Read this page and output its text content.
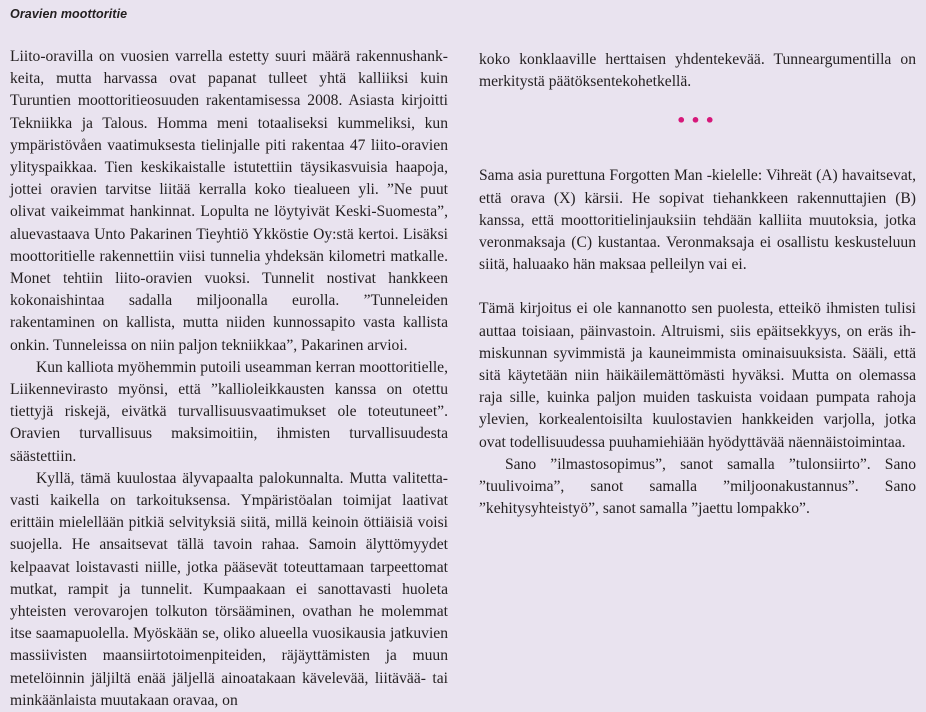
Oravien moottoritie

Liito-oravilla on vuosien varrella estetty suuri määrä rakennushankkeita, mutta harvassa ovat papanat tulleet yhtä kalliiksi kuin Turuntien moottoritieosuuden rakentamisessa 2008. Asiasta kirjoitti Tekniikka ja Talous. Homma meni totaaliseksi kummeliksi, kun ympäristövåen vaatimuksesta tielinjalle piti rakentaa 47 liito-oravien ylityspaikkaa. Tien keskikaistalle istutettiin täysikasvuisia haapoja, jottei oravien tarvitse liitää kerralla koko tiealueen yli. ”Ne puut olivat vaikeimmat hankinnat. Lopulta ne löytyivät Keski-Suomesta”, aluevastaava Unto Pakarinen Tieyhtiö Ykköstie Oy:stä kertoi. Lisäksi moottoritielle rakennettiin viisi tunnelia yhdeksän kilometri matkalle. Monet tehtiin liito-oravien vuoksi. Tunnelit nostivat hankkeen kokonaishintaa sadalla miljoonalla eurolla. ”Tunneleiden rakentaminen on kallista, mutta niiden kunnossapito vasta kallista onkin. Tunneleissa on niin paljon tekniikkaa”, Pakarinen arvioi.

Kun kalliota myöhemmin putoili useamman kerran moottoritielle, Liikennevirasto myönsi, että ”kallioleikkausten kanssa on otettu tiettyjä riskejä, eivätkä turvallisuusvaatimukset ole toteutuneet”. Oravien turvallisuus maksimoitiin, ihmisten turvallisuudesta säästettiin.

Kyllä, tämä kuulostaa älyvapaalta palokunnalta. Mutta valitettavasti kaikella on tarkoituksensa. Ympäristöalan toimijat laativat erittäin mielellään pitkiä selvityksiä siitä, millä keinoin öttiäisiä voisi suojella. He ansaitsevat tällä tavoin rahaa. Samoin älyttömyydet kelpaavat loistavasti niille, jotka pääsevät toteuttamaan tarpeettomat mutkat, rampit ja tunnelit. Kumpaakaan ei sanottavasti huoleta yhteisten verovarojen tolkuton törsääminen, ovathan he molemmat itse saamapuolella. Myöskään se, oliko alueella vuosikausia jatkuvien massiivisten maansiirtotoimenpiteiden, räjäyttämisten ja muun metelöinnin jäljiltä enää jäljellä ainoatakaan kävelevää, liitävää- tai minkäänlaista muutakaan oravaa, on

koko konklaaville herttaisen yhdentekevää. Tunneargumentilla on merkitystä päätöksentekohetkellä.

•••

Sama asia purettuna Forgotten Man -kielelle: Vihreät (A) havaitsevat, että orava (X) kärsii. He sopivat tiehankkeen rakennuttajien (B) kanssa, että moottoritielinjauksiin tehdään kalliita muutoksia, jotka veronmaksaja (C) kustantaa. Veronmaksaja ei osallistu keskusteluun siitä, haluaako hän maksaa pelleilyn vai ei.

Tämä kirjoitus ei ole kannanotto sen puolesta, etteikö ihmisten tulisi auttaa toisiaan, päinvastoin. Altruismi, siis epäitsekkyys, on eräs ihmiskunnan syvimmistä ja kauneimmista ominaisuuksista. Sääli, että sitä käytetään niin häikäilemättömästi hyväksi. Mutta on olemassa raja sille, kuinka paljon muiden taskuista voidaan pumpata rahoja ylevien, korkealentoisilta kuulostavien hankkeiden varjolla, jotka ovat todellisuudessa puuhamiehiään hyödyttävää näennäistoimintaa.

Sano ”ilmastosopimus”, sanot samalla ”tulonsiirto”. Sano ”tuulivoima”, sanot samalla ”miljoonakustannus”. Sano ”kehitysyhteistyö”, sanot samalla ”jaettu lompakko”.
